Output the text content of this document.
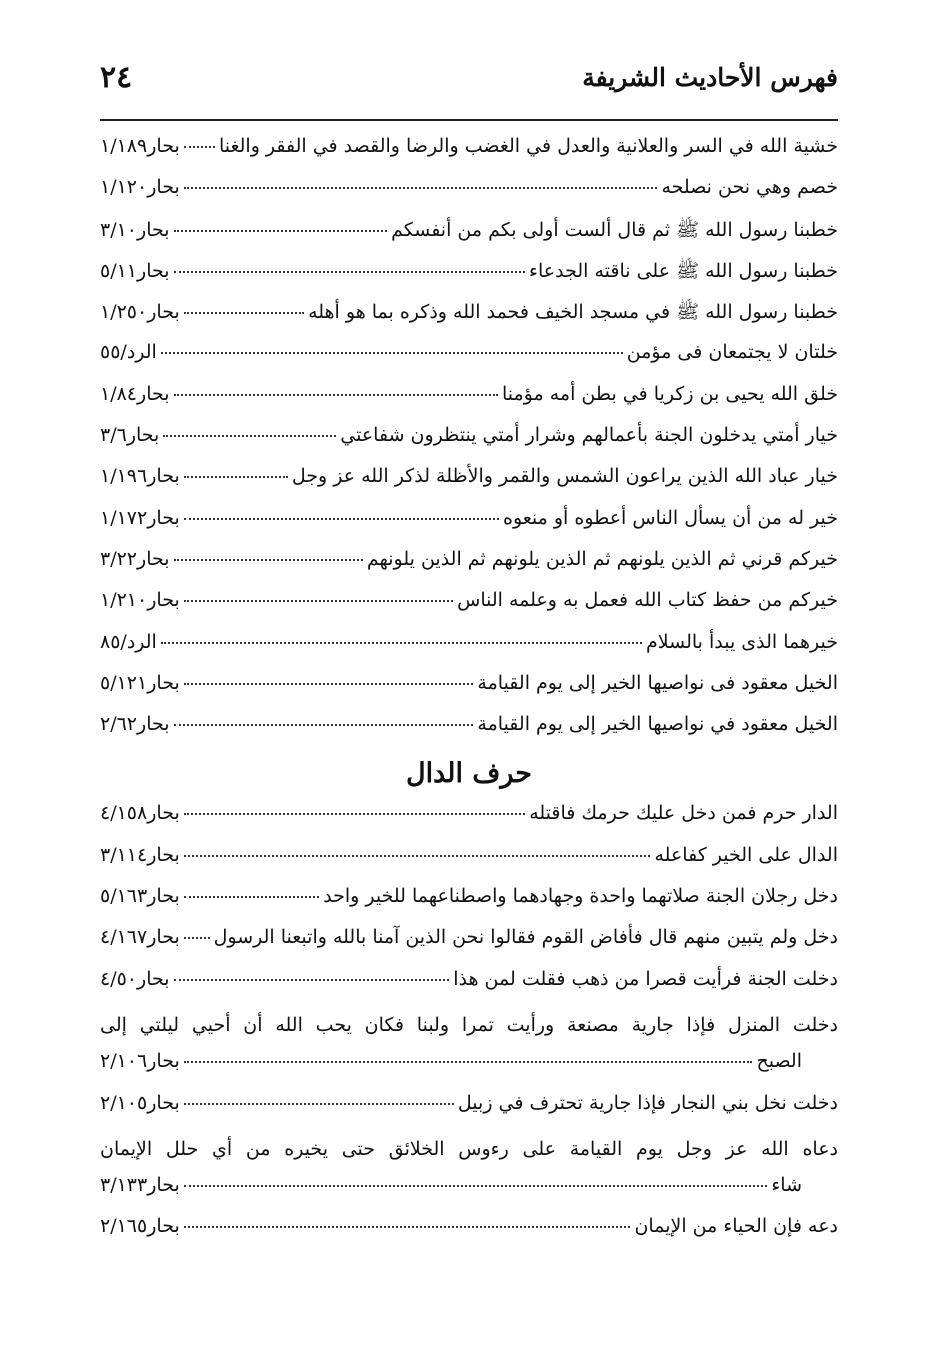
٢٤	فهرس الأحاديث الشريفة
خشية الله في السر والعلانية والعدل في الغضب والرضا والقصد في الفقر والغنا
بحار١/١٨٩
خصم وهي نحن نصلحه
بحار١/١٢٠
خطبنا رسول الله ﷺ ثم قال ألست أولى بكم من أنفسكم
بحار٣/١٠
خطبنا رسول الله ﷺ على ناقته الجدعاء
بحار٥/١١
خطبنا رسول الله ﷺ في مسجد الخيف فحمد الله وذكره بما هو أهله
بحار١/٢٥٠
خلتان لا يجتمعان فى مؤمن
الرد/٥٥
خلق الله يحيى بن زكريا في بطن أمه مؤمنا
بحار١/٨٤
خيار أمتي يدخلون الجنة بأعمالهم وشرار أمتي ينتظرون شفاعتي
بحار٣/٦
خيار عباد الله الذين يراعون الشمس والقمر والأظلة لذكر الله عز وجل
بحار١/١٩٦
خير له من أن يسأل الناس أعطوه أو منعوه
بحار١/١٧٢
خيركم قرني ثم الذين يلونهم ثم الذين يلونهم ثم الذين يلونهم
بحار٣/٢٢
خيركم من حفظ كتاب الله فعمل به وعلمه الناس
بحار١/٢١٠
خيرهما الذى يبدأ بالسلام
الرد/٨٥
الخيل معقود فى نواصيها الخير إلى يوم القيامة
بحار٥/١٢١
الخيل معقود في نواصيها الخير إلى يوم القيامة
بحار٢/٦٢
حرف الدال
الدار حرم فمن دخل عليك حرمك فاقتله
بحار٤/١٥٨
الدال على الخير كفاعله
بحار٣/١١٤
دخل رجلان الجنة صلاتهما واحدة وجهادهما واصطناعهما للخير واحد
بحار٥/١٦٣
دخل ولم يتبين منهم قال فأفاض القوم فقالوا نحن الذين آمنا بالله واتبعنا الرسول
بحار٤/١٦٧
دخلت الجنة فرأيت قصرا من ذهب فقلت لمن هذا
بحار٤/٥٠
دخلت المنزل فإذا جارية مصنعة ورأيت تمرا ولبنا فكان يحب الله أن أحيي ليلتي إلى
الصبح
بحار٢/١٠٦
دخلت نخل بني النجار فإذا جارية تحترف في زبيل
بحار٢/١٠٥
دعاه الله عز وجل يوم القيامة على رءوس الخلائق حتى يخيره من أي حلل الإيمان
شاء
بحار٣/١٣٣
دعه فإن الحياء من الإيمان
بحار٢/١٦٥
